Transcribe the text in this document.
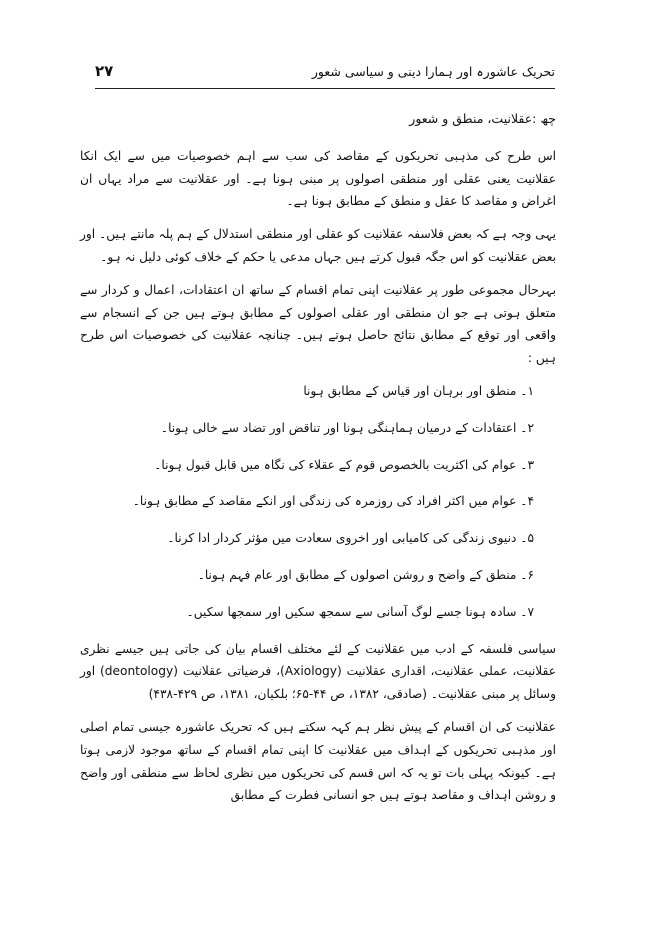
تحریک عاشورہ اور ہمارا دینی و سیاسی شعور
۲۷
چھ :عقلانیت، منطق و شعور

اس طرح کی مذہبی تحریکوں کے مقاصد کی سب سے اہم خصوصیات میں سے ایک انکا عقلانیت یعنی عقلی اور منطقی اصولوں پر مبنی ہونا ہے۔ اور عقلانیت سے مراد یہاں ان اغراض و مقاصد کا عقل و منطق کے مطابق ہونا ہے۔

یہی وجہ ہے کہ بعض فلاسفہ عقلانیت کو عقلی اور منطقی استدلال کے ہم پلہ مانتے ہیں۔ اور بعض عقلانیت کو اس جگہ قبول کرتے ہیں جہاں مدعی یا حکم کے خلاف کوئی دلیل نہ ہو۔

بہرحال مجموعی طور پر عقلانیت اپنی تمام اقسام کے ساتھ ان اعتقادات، اعمال و کردار سے متعلق ہوتی ہے جو ان منطقی اور عقلی اصولوں کے مطابق ہوتے ہیں جن کے انسجام سے واقعی اور توقع کے مطابق نتائج حاصل ہوتے ہیں۔ چنانچہ عقلانیت کی خصوصیات اس طرح ہیں :

۱۔ منطق اور برہان اور قیاس کے مطابق ہونا
۲۔ اعتقادات کے درمیان ہماہنگی ہونا اور تناقض اور تضاد سے خالی ہونا۔
۳۔ عوام کی اکثریت بالخصوص قوم کے عقلاء کی نگاہ میں قابل قبول ہونا۔
۴۔ عوام میں اکثر افراد کی روزمرہ کی زندگی اور انکے مقاصد کے مطابق ہونا۔
۵۔ دنیوی زندگی کی کامیابی اور اخروی سعادت میں مؤثر کردار ادا کرنا۔
۶۔ منطق کے واضح و روشن اصولوں کے مطابق اور عام فہم ہونا۔
۷۔ سادہ ہونا جسے لوگ آسانی سے سمجھ سکیں اور سمجھا سکیں۔

سیاسی فلسفہ کے ادب میں عقلانیت کے لئے مختلف اقسام بیان کی جاتی ہیں جیسے نظری عقلانیت، عملی عقلانیت، اقداری عقلانیت (Axiology)، فرضیاتی عقلانیت (deontology) اور وسائل پر مبنی عقلانیت۔ (صادقی، ۱۳۸۲، ص ۴۴-۶۵؛ بلکیان، ۱۳۸۱، ص ۴۲۹-۴۳۸)

عقلانیت کی ان اقسام کے پیش نظر ہم کہہ سکتے ہیں کہ تحریک عاشورہ جیسی تمام اصلی اور مذہبی تحریکوں کے اہداف میں عقلانیت کا اپنی تمام اقسام کے ساتھ موجود لازمی ہوتا ہے۔ کیونکہ پہلی بات تو یہ کہ اس قسم کی تحریکوں میں نظری لحاظ سے منطقی اور واضح و روشن اہداف و مقاصد ہوتے ہیں جو انسانی فطرت کے مطابق
